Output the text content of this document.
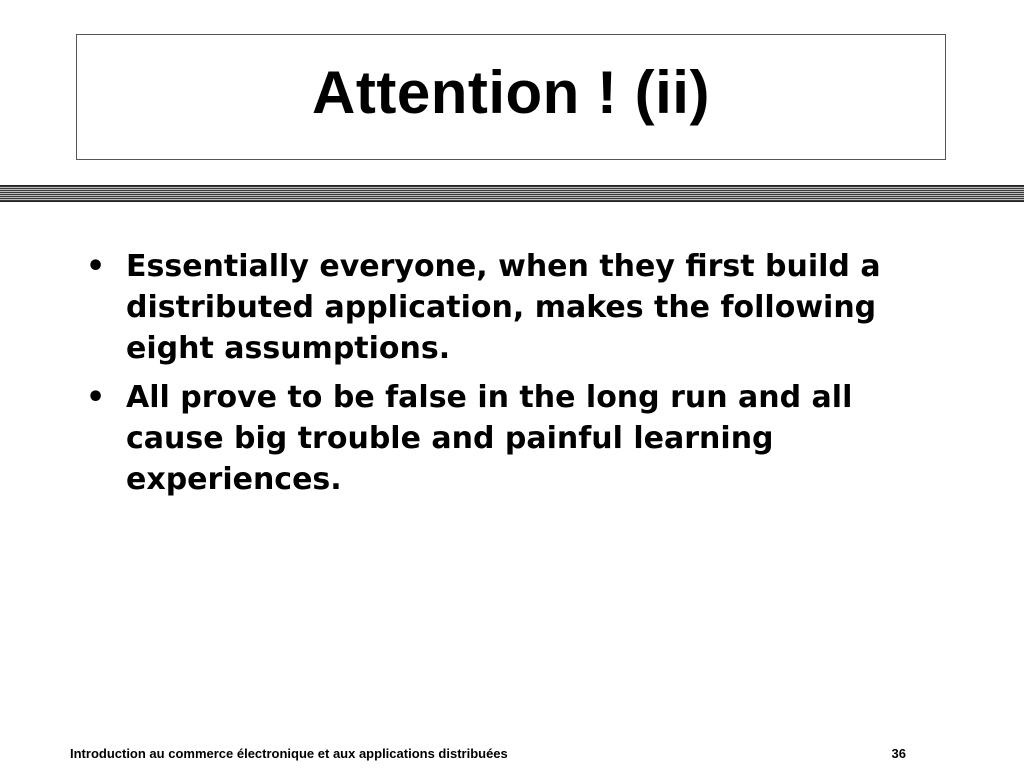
Attention ! (ii)
• Essentially everyone, when they first build a distributed application, makes the following eight assumptions.
• All prove to be false in the long run and all cause big trouble and painful learning experiences.
Introduction au commerce électronique et aux applications distribuées	36
